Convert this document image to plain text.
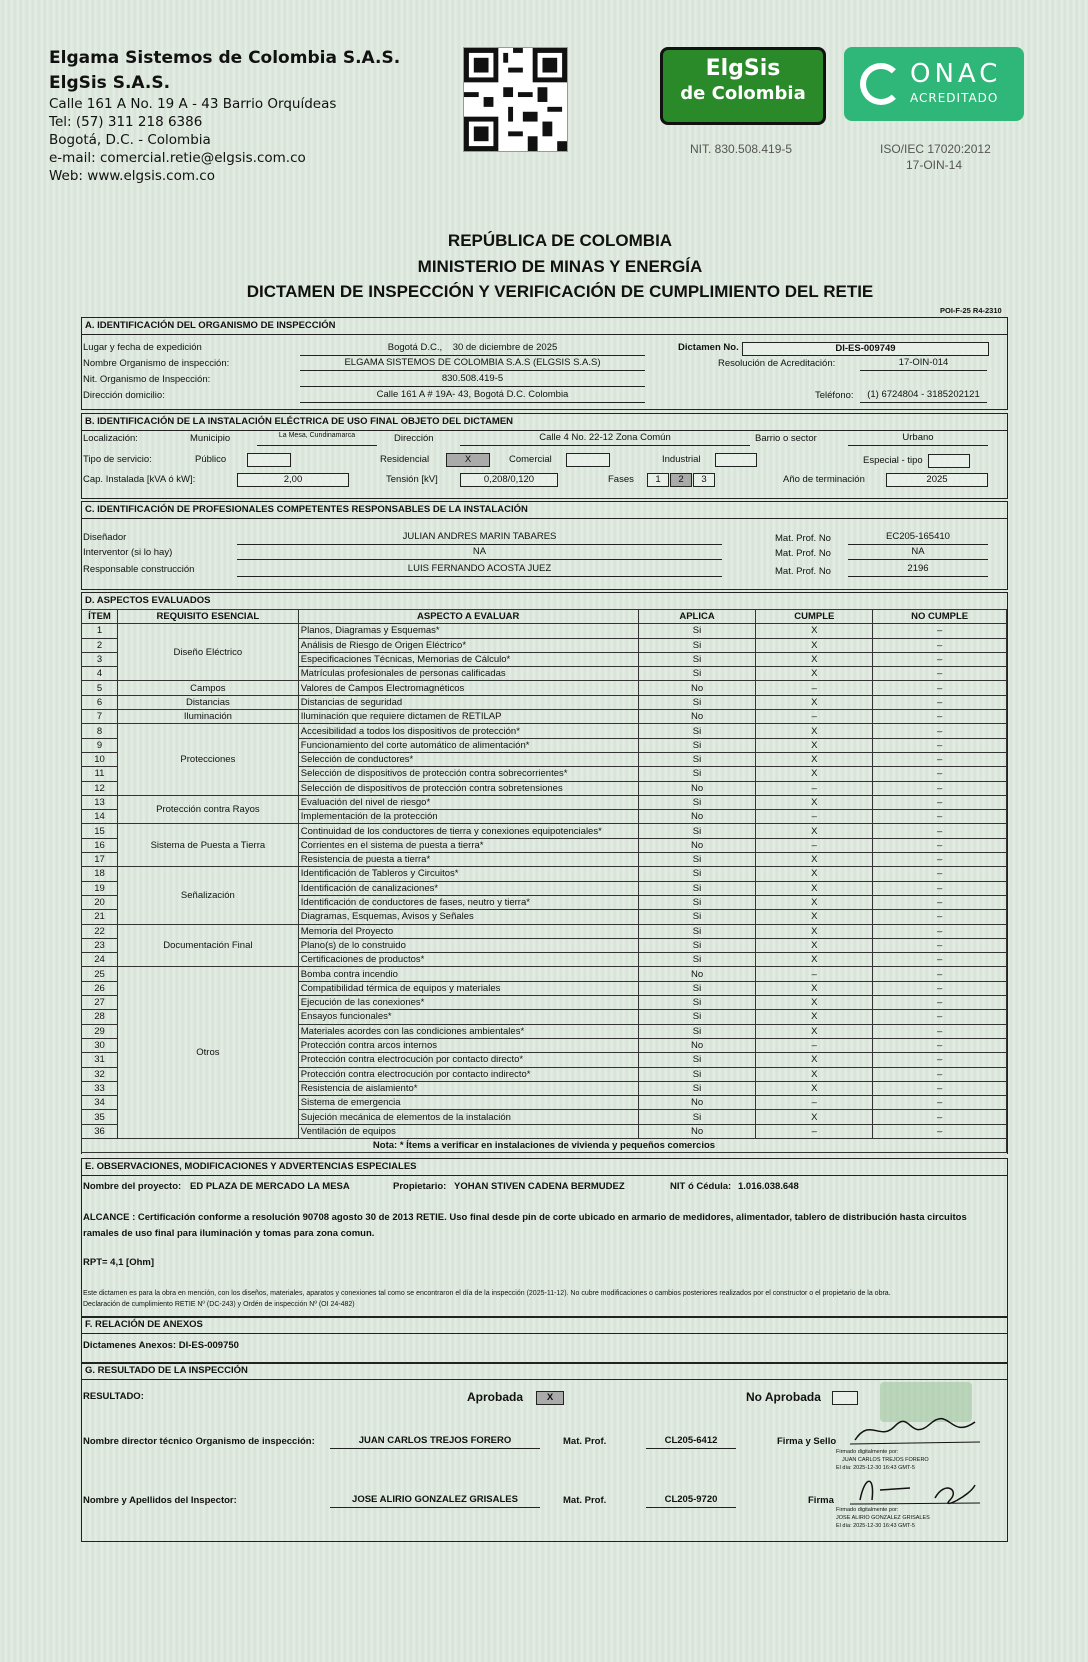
Elgama Sistemos de Colombia S.A.S.
ElgSis S.A.S.
Calle 161 A No. 19 A - 43 Barrio Orquídeas
Tel: (57) 311 218 6386
Bogotá, D.C. - Colombia
e-mail: comercial.retie@elgsis.com.co
Web: www.elgsis.com.co
ElgSis
de Colombia
ONAC
ACREDITADO
NIT. 830.508.419-5	ISO/IEC 17020:2012
17-OIN-14
REPÚBLICA DE COLOMBIA
MINISTERIO DE MINAS Y ENERGÍA
DICTAMEN DE INSPECCIÓN Y VERIFICACIÓN DE CUMPLIMIENTO DEL RETIE
POI-F-25 R4-2310
A. IDENTIFICACIÓN DEL ORGANISMO DE INSPECCIÓN
Lugar y fecha de expedición	Bogotá D.C., 30 de diciembre de 2025	Dictamen No.	DI-ES-009749
Nombre Organismo de inspección:	ELGAMA SISTEMOS DE COLOMBIA S.A.S (ELGSIS S.A.S)	Resolución de Acreditación:	17-OIN-014
Nit. Organismo de Inspección:	830.508.419-5
Dirección domicilio:	Calle 161 A # 19A- 43, Bogotá D.C. Colombia	Teléfono:	(1) 6724804 - 3185202121
B. IDENTIFICACIÓN DE LA INSTALACIÓN ELÉCTRICA DE USO FINAL OBJETO DEL DICTAMEN
Localización:	Municipio	La Mesa, Cundinamarca	Dirección	Calle 4 No. 22-12 Zona Común	Barrio o sector	Urbano
Tipo de servicio:	Público	Residencial	X	Comercial	Industrial	Especial - tipo
Cap. Instalada [kVA ó kW]:	2,00	Tensión [kV]	0,208/0,120	Fases	1	2	3	Año de terminación	2025
C. IDENTIFICACIÓN DE PROFESIONALES COMPETENTES RESPONSABLES DE LA INSTALACIÓN
Diseñador	JULIAN ANDRES MARIN TABARES	Mat. Prof. No	EC205-165410
Interventor (si lo hay)	NA	Mat. Prof. No	NA
Responsable construcción	LUIS FERNANDO ACOSTA JUEZ	Mat. Prof. No	2196
D. ASPECTOS EVALUADOS
ÍTEM	REQUISITO ESENCIAL	ASPECTO A EVALUAR	APLICA	CUMPLE	NO CUMPLE
1	Diseño Eléctrico	Planos, Diagramas y Esquemas*	Si	X	–
2		Análisis de Riesgo de Origen Eléctrico*	Si	X	–
3		Especificaciones Técnicas, Memorias de Cálculo*	Si	X	–
4		Matrículas profesionales de personas calificadas	Si	X	–
5	Campos	Valores de Campos Electromagnéticos	No	–	–
6	Distancias	Distancias de seguridad	Si	X	–
7	Iluminación	Iluminación que requiere dictamen de RETILAP	No	–	–
8	Protecciones	Accesibilidad a todos los dispositivos de protección*	Si	X	–
9		Funcionamiento del corte automático de alimentación*	Si	X	–
10		Selección de conductores*	Si	X	–
11		Selección de dispositivos de protección contra sobrecorrientes*	Si	X	–
12		Selección de dispositivos de protección contra sobretensiones	No	–	–
13	Protección contra Rayos	Evaluación del nivel de riesgo*	Si	X	–
14		Implementación de la protección	No	–	–
15	Sistema de Puesta a Tierra	Continuidad de los conductores de tierra y conexiones equipotenciales*	Si	X	–
16		Corrientes en el sistema de puesta a tierra*	No	–	–
17		Resistencia de puesta a tierra*	Si	X	–
18	Señalización	Identificación de Tableros y Circuitos*	Si	X	–
19		Identificación de canalizaciones*	Si	X	–
20		Identificación de conductores de fases, neutro y tierra*	Si	X	–
21		Diagramas, Esquemas, Avisos y Señales	Si	X	–
22	Documentación Final	Memoria del Proyecto	Si	X	–
23		Plano(s) de lo construido	Si	X	–
24		Certificaciones de productos*	Si	X	–
25	Otros	Bomba contra incendio	No	–	–
26		Compatibilidad térmica de equipos y materiales	Si	X	–
27		Ejecución de las conexiones*	Si	X	–
28		Ensayos funcionales*	Si	X	–
29		Materiales acordes con las condiciones ambientales*	Si	X	–
30		Protección contra arcos internos	No	–	–
31		Protección contra electrocución por contacto directo*	Si	X	–
32		Protección contra electrocución por contacto indirecto*	Si	X	–
33		Resistencia de aislamiento*	Si	X	–
34		Sistema de emergencia	No	–	–
35		Sujeción mecánica de elementos de la instalación	Si	X	–
36		Ventilación de equipos	No	–	–
Nota: * Ítems a verificar en instalaciones de vivienda y pequeños comercios					
E. OBSERVACIONES, MODIFICACIONES Y ADVERTENCIAS ESPECIALES
Nombre del proyecto: ED PLAZA DE MERCADO LA MESA	Propietario: YOHAN STIVEN CADENA BERMUDEZ	NIT ó Cédula: 1.016.038.648
ALCANCE : Certificación conforme a resolución 90708 agosto 30 de 2013 RETIE. Uso final desde pin de corte ubicado en armario de medidores, alimentador, tablero de distribución hasta circuitos ramales de uso final para iluminación y tomas para zona comun.
RPT= 4,1 [Ohm]
Este dictamen es para la obra en mención, con los diseños, materiales, aparatos y conexiones tal como se encontraron el día de la inspección (2025-11-12). No cubre modificaciones o cambios posteriores realizados por el constructor o el propietario de la obra.
Declaración de cumplimiento RETIE Nº (DC-243) y Ordén de inspección Nº (OI 24-482)
F. RELACIÓN DE ANEXOS
Dictamenes Anexos: DI-ES-009750
G. RESULTADO DE LA INSPECCIÓN
RESULTADO:	Aprobada	X	No Aprobada
Nombre director técnico Organismo de inspección:	JUAN CARLOS TREJOS FORERO	Mat. Prof.	CL205-6412	Firma y Sello
Firmado digitalmente por:
JUAN CARLOS TREJOS FORERO
El día: 2025-12-30 16:43 GMT-5
Nombre y Apellidos del Inspector:	JOSE ALIRIO GONZALEZ GRISALES	Mat. Prof.	CL205-9720	Firma
Firmado digitalmente por:
JOSE ALIRIO GONZALEZ GRISALES
El día: 2025-12-30 16:43 GMT-5
